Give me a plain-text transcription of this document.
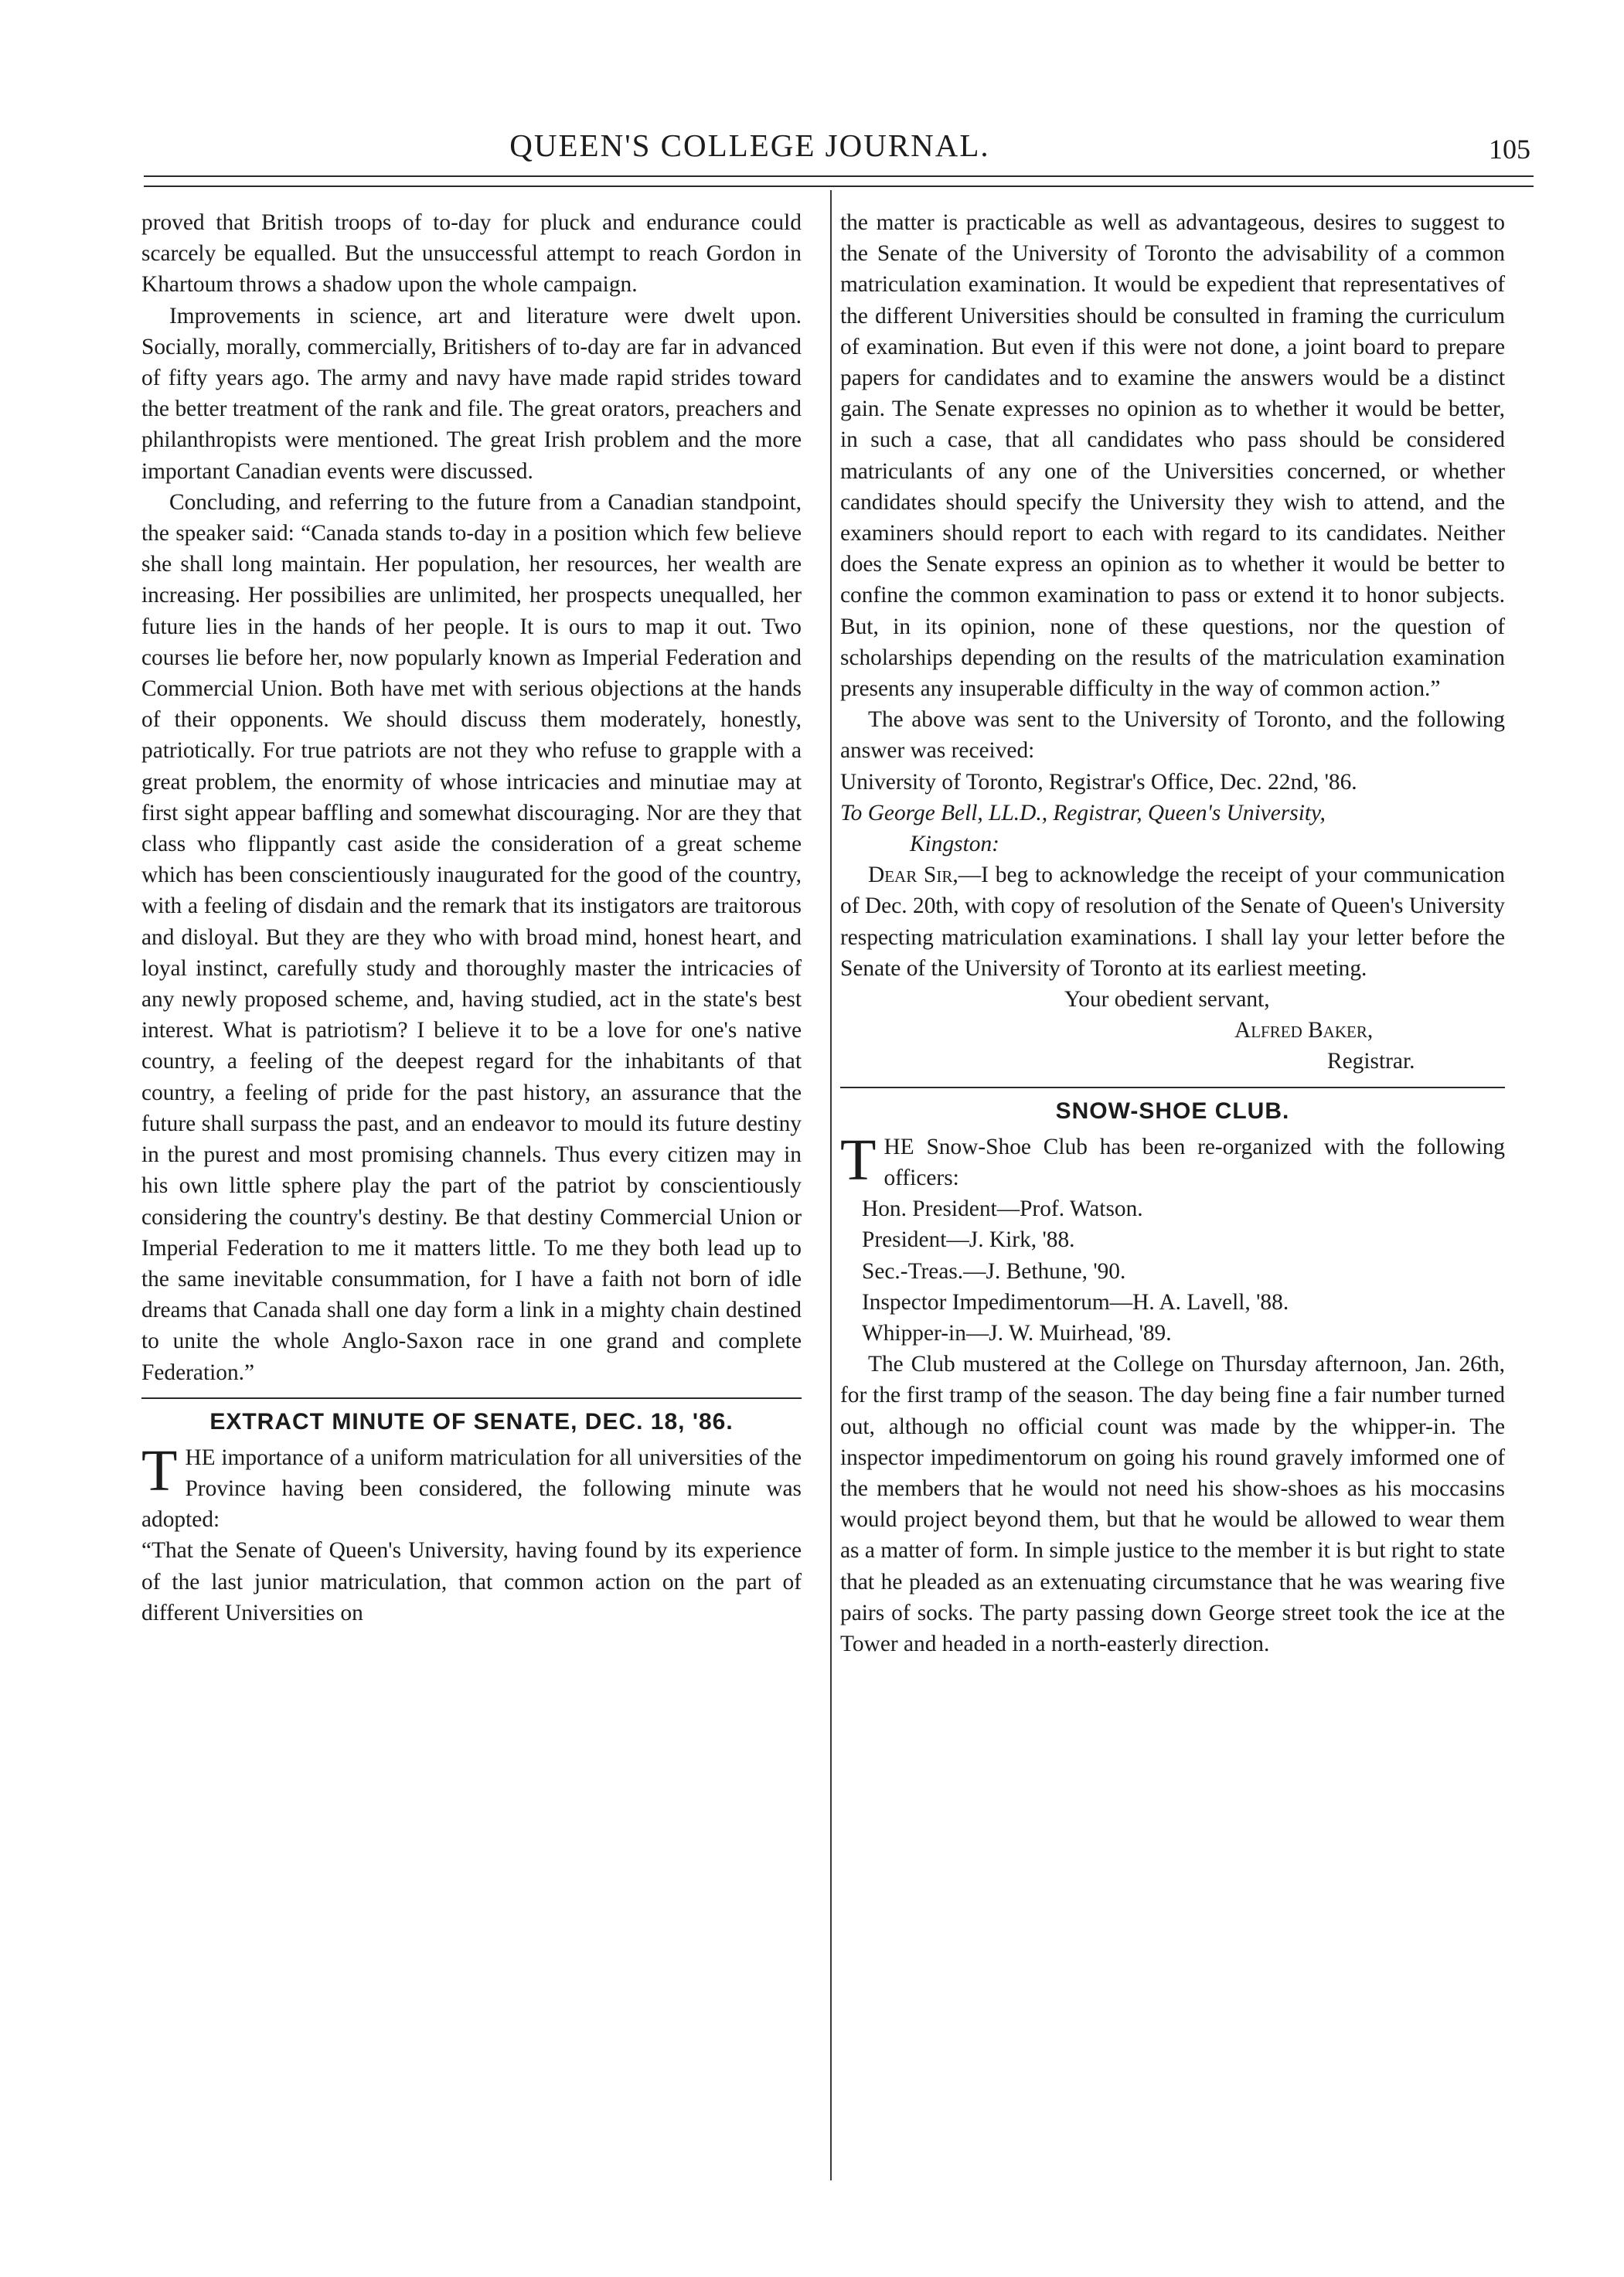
QUEEN'S COLLEGE JOURNAL.	105

proved that British troops of to-day for pluck and endurance could scarcely be equalled. But the unsuccessful attempt to reach Gordon in Khartoum throws a shadow upon the whole campaign.

Improvements in science, art and literature were dwelt upon. Socially, morally, commercially, Britishers of to-day are far in advanced of fifty years ago. The army and navy have made rapid strides toward the better treatment of the rank and file. The great orators, preachers and philanthropists were mentioned. The great Irish problem and the more important Canadian events were discussed.

Concluding, and referring to the future from a Canadian standpoint, the speaker said: “Canada stands to-day in a position which few believe she shall long maintain. Her population, her resources, her wealth are increasing. Her possibilies are unlimited, her prospects unequalled, her future lies in the hands of her people. It is ours to map it out. Two courses lie before her, now popularly known as Imperial Federation and Commercial Union. Both have met with serious objections at the hands of their opponents. We should discuss them moderately, honestly, patriotically. For true patriots are not they who refuse to grapple with a great problem, the enormity of whose intricacies and minutiae may at first sight appear baffling and somewhat discouraging. Nor are they that class who flippantly cast aside the consideration of a great scheme which has been conscientiously inaugurated for the good of the country, with a feeling of disdain and the remark that its instigators are traitorous and disloyal. But they are they who with broad mind, honest heart, and loyal instinct, carefully study and thoroughly master the intricacies of any newly proposed scheme, and, having studied, act in the state's best interest. What is patriotism? I believe it to be a love for one's native country, a feeling of the deepest regard for the inhabitants of that country, a feeling of pride for the past history, an assurance that the future shall surpass the past, and an endeavor to mould its future destiny in the purest and most promising channels. Thus every citizen may in his own little sphere play the part of the patriot by conscientiously considering the country's destiny. Be that destiny Commercial Union or Imperial Federation to me it matters little. To me they both lead up to the same inevitable consummation, for I have a faith not born of idle dreams that Canada shall one day form a link in a mighty chain destined to unite the whole Anglo-Saxon race in one grand and complete Federation.”

EXTRACT MINUTE OF SENATE, DEC. 18, '86.

THE importance of a uniform matriculation for all universities of the Province having been considered, the following minute was adopted:

“That the Senate of Queen's University, having found by its experience of the last junior matriculation, that common action on the part of different Universities on

the matter is practicable as well as advantageous, desires to suggest to the Senate of the University of Toronto the advisability of a common matriculation examination. It would be expedient that representatives of the different Universities should be consulted in framing the curriculum of examination. But even if this were not done, a joint board to prepare papers for candidates and to examine the answers would be a distinct gain. The Senate expresses no opinion as to whether it would be better, in such a case, that all candidates who pass should be considered matriculants of any one of the Universities concerned, or whether candidates should specify the University they wish to attend, and the examiners should report to each with regard to its candidates. Neither does the Senate express an opinion as to whether it would be better to confine the common examination to pass or extend it to honor subjects. But, in its opinion, none of these questions, nor the question of scholarships depending on the results of the matriculation examination presents any insuperable difficulty in the way of common action.”

The above was sent to the University of Toronto, and the following answer was received:

University of Toronto, Registrar's Office, Dec. 22nd, '86.

To George Bell, LL.D., Registrar, Queen's University,

Kingston:

Dear Sir,—I beg to acknowledge the receipt of your communication of Dec. 20th, with copy of resolution of the Senate of Queen's University respecting matriculation examinations. I shall lay your letter before the Senate of the University of Toronto at its earliest meeting.

Your obedient servant,

Alfred Baker,

Registrar.

SNOW-SHOE CLUB.

THE Snow-Shoe Club has been re-organized with the following officers:

Hon. President—Prof. Watson.

President—J. Kirk, '88.

Sec.-Treas.—J. Bethune, '90.

Inspector Impedimentorum—H. A. Lavell, '88.

Whipper-in—J. W. Muirhead, '89.

The Club mustered at the College on Thursday afternoon, Jan. 26th, for the first tramp of the season. The day being fine a fair number turned out, although no official count was made by the whipper-in. The inspector impedimentorum on going his round gravely imformed one of the members that he would not need his show-shoes as his moccasins would project beyond them, but that he would be allowed to wear them as a matter of form. In simple justice to the member it is but right to state that he pleaded as an extenuating circumstance that he was wearing five pairs of socks. The party passing down George street took the ice at the Tower and headed in a north-easterly direction.
